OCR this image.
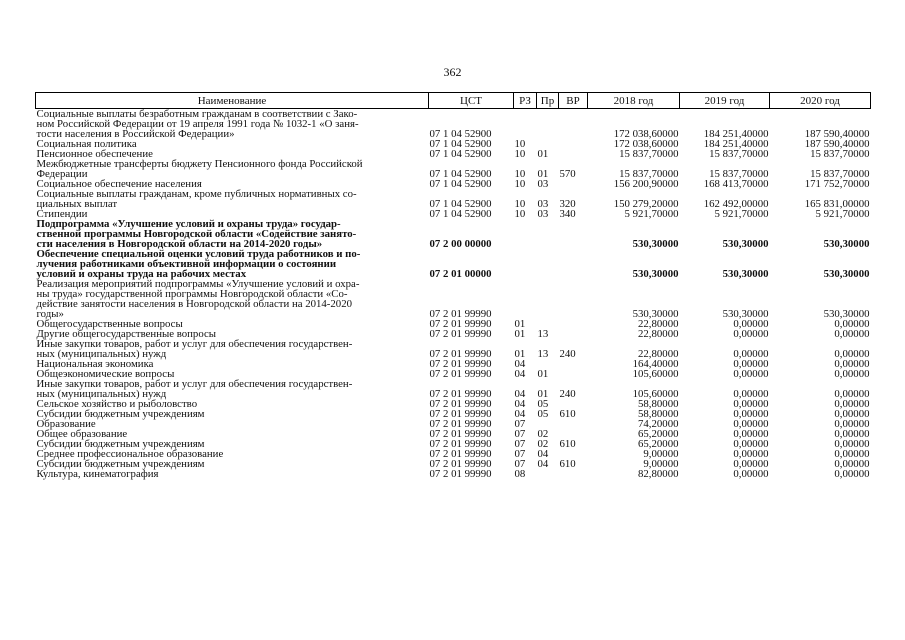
362
Наименование	ЦСТ	РЗ	Пр	ВР	2018 год	2019 год	2020 год

Социальные выплаты безработным гражданам в соответствии с Зако-
ном Российской Федерации от 19 апреля 1991 года № 1032-1 «О заня-
тости населения в Российской Федерации»	07 1 04 52900				172 038,60000	184 251,40000	187 590,40000

Социальная политика	07 1 04 52900	10			172 038,60000	184 251,40000	187 590,40000

Пенсионное обеспечение	07 1 04 52900	10	01		15 837,70000	15 837,70000	15 837,70000

Межбюджетные трансферты бюджету Пенсионного фонда Российской
Федерации	07 1 04 52900	10	01	570	15 837,70000	15 837,70000	15 837,70000

Социальное обеспечение населения	07 1 04 52900	10	03		156 200,90000	168 413,70000	171 752,70000

Социальные выплаты гражданам, кроме публичных нормативных со-
циальных выплат	07 1 04 52900	10	03	320	150 279,20000	162 492,00000	165 831,00000

Стипендии	07 1 04 52900	10	03	340	5 921,70000	5 921,70000	5 921,70000

Подпрограмма «Улучшение условий и охраны труда» государ-
ственной программы Новгородской области «Содействие занято-
сти населения в Новгородской области на 2014-2020 годы»	07 2 00 00000				530,30000	530,30000	530,30000

Обеспечение специальной оценки условий труда работников и по-
лучения работниками объективной информации о состоянии
условий и охраны труда на рабочих местах	07 2 01 00000				530,30000	530,30000	530,30000

Реализация мероприятий подпрограммы «Улучшение условий и охра-
ны труда» государственной программы Новгородской области «Со-
действие занятости населения в Новгородской области на 2014-2020
годы»	07 2 01 99990				530,30000	530,30000	530,30000

Общегосударственные вопросы	07 2 01 99990	01			22,80000	0,00000	0,00000

Другие общегосударственные вопросы	07 2 01 99990	01	13		22,80000	0,00000	0,00000

Иные закупки товаров, работ и услуг для обеспечения государствен-
ных (муниципальных) нужд	07 2 01 99990	01	13	240	22,80000	0,00000	0,00000

Национальная экономика	07 2 01 99990	04			164,40000	0,00000	0,00000

Общеэкономические вопросы	07 2 01 99990	04	01		105,60000	0,00000	0,00000

Иные закупки товаров, работ и услуг для обеспечения государствен-
ных (муниципальных) нужд	07 2 01 99990	04	01	240	105,60000	0,00000	0,00000

Сельское хозяйство и рыболовство	07 2 01 99990	04	05		58,80000	0,00000	0,00000

Субсидии бюджетным учреждениям	07 2 01 99990	04	05	610	58,80000	0,00000	0,00000

Образование	07 2 01 99990	07			74,20000	0,00000	0,00000

Общее образование	07 2 01 99990	07	02		65,20000	0,00000	0,00000

Субсидии бюджетным учреждениям	07 2 01 99990	07	02	610	65,20000	0,00000	0,00000

Среднее профессиональное образование	07 2 01 99990	07	04		9,00000	0,00000	0,00000

Субсидии бюджетным учреждениям	07 2 01 99990	07	04	610	9,00000	0,00000	0,00000

Культура, кинематография	07 2 01 99990	08			82,80000	0,00000	0,00000
